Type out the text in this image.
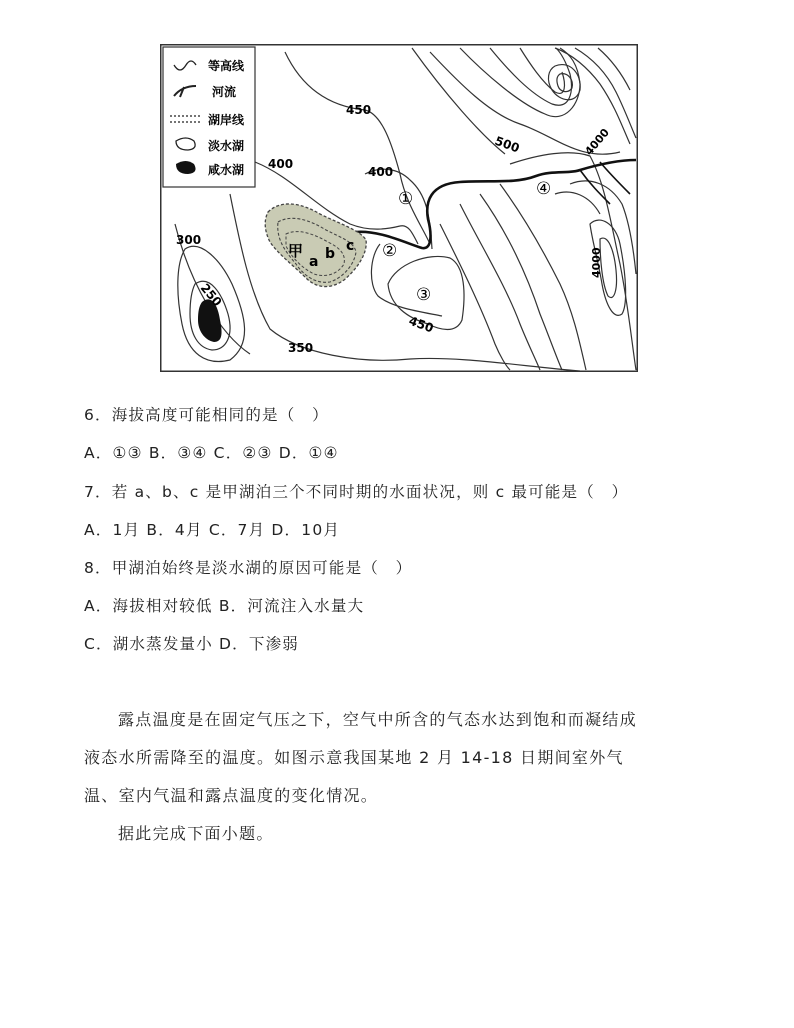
等高线
河流
湖岸线
淡水湖
咸水湖
甲
a b c
450
500	4000
4000
400
400
300
250
350
450
①
②
③
④
6．海拔高度可能相同的是（　）
A．①③ B．③④ C．②③ D．①④
7．若 a、b、c 是甲湖泊三个不同时期的水面状况，则 c 最可能是（　）
A．1月 B．4月 C．7月 D．10月
8．甲湖泊始终是淡水湖的原因可能是（　）
A．海拔相对较低 B．河流注入水量大
C．湖水蒸发量小 D．下渗弱
露点温度是在固定气压之下，空气中所含的气态水达到饱和而凝结成
液态水所需降至的温度。如图示意我国某地 2 月 14-18 日期间室外气
温、室内气温和露点温度的变化情况。
据此完成下面小题。
